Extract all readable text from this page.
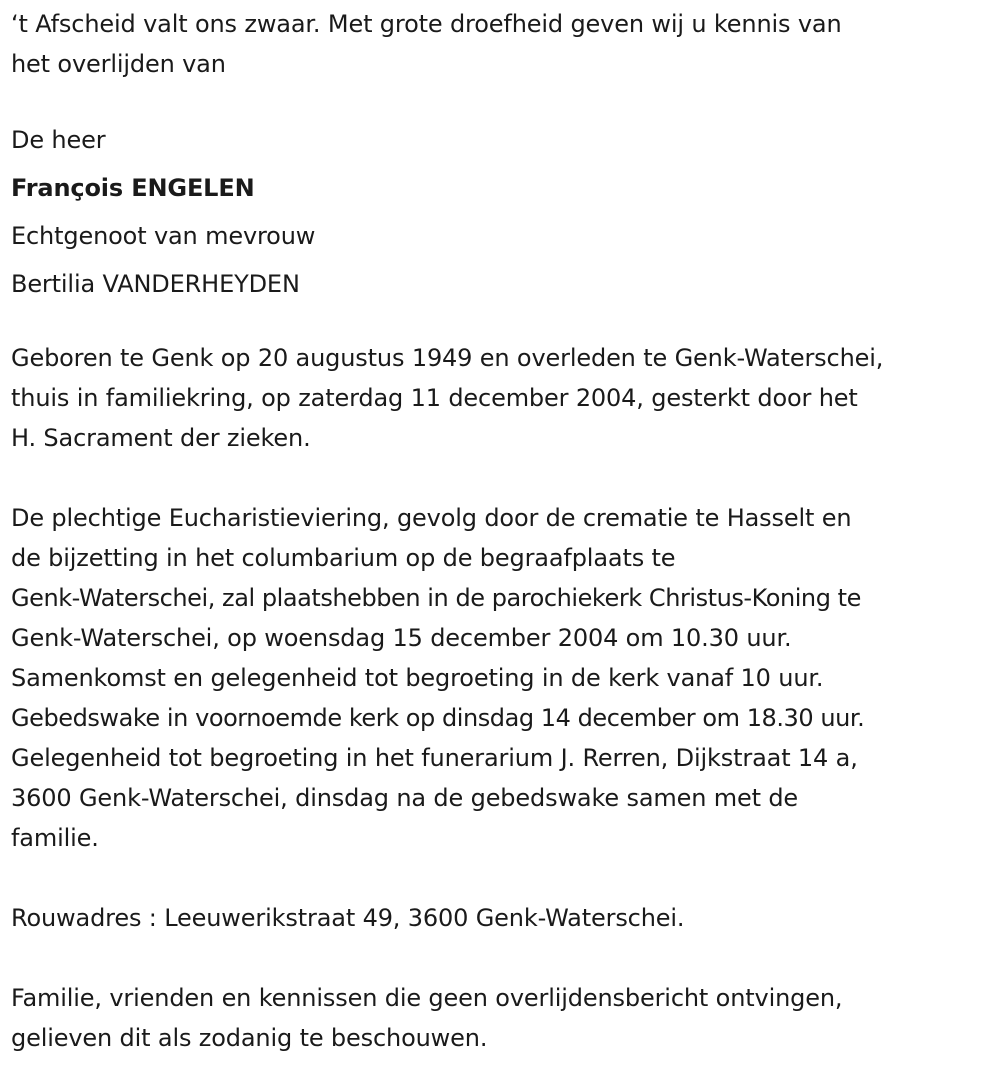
‘t Afscheid valt ons zwaar. Met grote droefheid geven wij u kennis van

het overlijden van

De heer

François ENGELEN

Echtgenoot van mevrouw

Bertilia VANDERHEYDEN

Geboren te Genk op 20 augustus 1949 en overleden te Genk-Waterschei,

thuis in familiekring, op zaterdag 11 december 2004, gesterkt door het

H. Sacrament der zieken.

De plechtige Eucharistieviering, gevolg door de crematie te Hasselt en

de bijzetting in het columbarium op de begraafplaats te

Genk-Waterschei, zal plaatshebben in de parochiekerk Christus-Koning te

Genk-Waterschei, op woensdag 15 december 2004 om 10.30 uur.

Samenkomst en gelegenheid tot begroeting in de kerk vanaf 10 uur.

Gebedswake in voornoemde kerk op dinsdag 14 december om 18.30 uur.

Gelegenheid tot begroeting in het funerarium J. Rerren, Dijkstraat 14 a,

3600 Genk-Waterschei, dinsdag na de gebedswake samen met de

familie.

Rouwadres : Leeuwerikstraat 49, 3600 Genk-Waterschei.

Familie, vrienden en kennissen die geen overlijdensbericht ontvingen,

gelieven dit als zodanig te beschouwen.
